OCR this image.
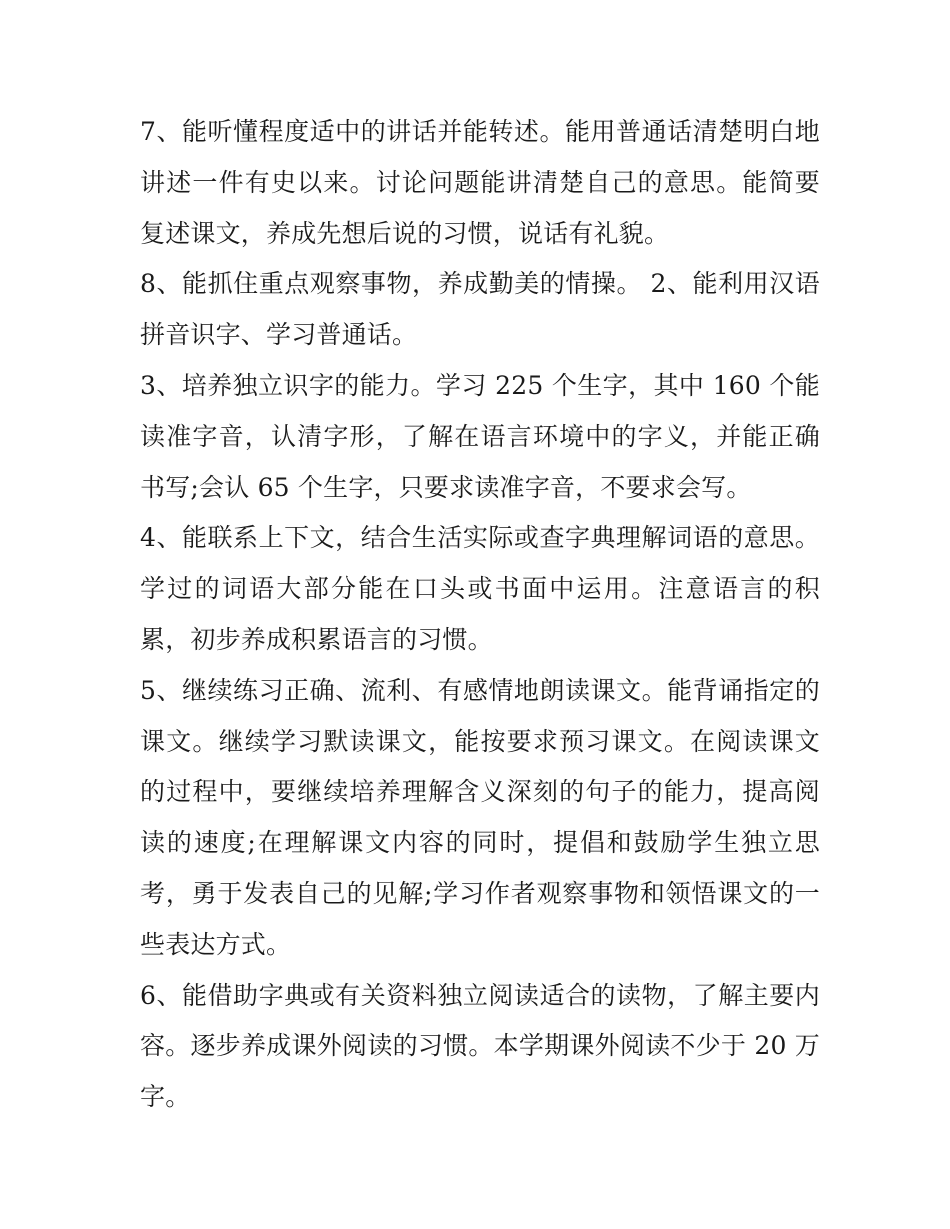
7、能听懂程度适中的讲话并能转述。能用普通话清楚明白地讲述一件有史以来。讨论问题能讲清楚自己的意思。能简要复述课文，养成先想后说的习惯，说话有礼貌。

8、能抓住重点观察事物，养成勤美的情操。 2、能利用汉语拼音识字、学习普通话。

3、培养独立识字的能力。学习 225 个生字，其中 160 个能读准字音，认清字形，了解在语言环境中的字义，并能正确书写;会认 65 个生字，只要求读准字音，不要求会写。

4、能联系上下文，结合生活实际或查字典理解词语的意思。学过的词语大部分能在口头或书面中运用。注意语言的积累，初步养成积累语言的习惯。

5、继续练习正确、流利、有感情地朗读课文。能背诵指定的课文。继续学习默读课文，能按要求预习课文。在阅读课文的过程中，要继续培养理解含义深刻的句子的能力，提高阅读的速度;在理解课文内容的同时，提倡和鼓励学生独立思考，勇于发表自己的见解;学习作者观察事物和领悟课文的一些表达方式。

6、能借助字典或有关资料独立阅读适合的读物，了解主要内容。逐步养成课外阅读的习惯。本学期课外阅读不少于 20 万字。
